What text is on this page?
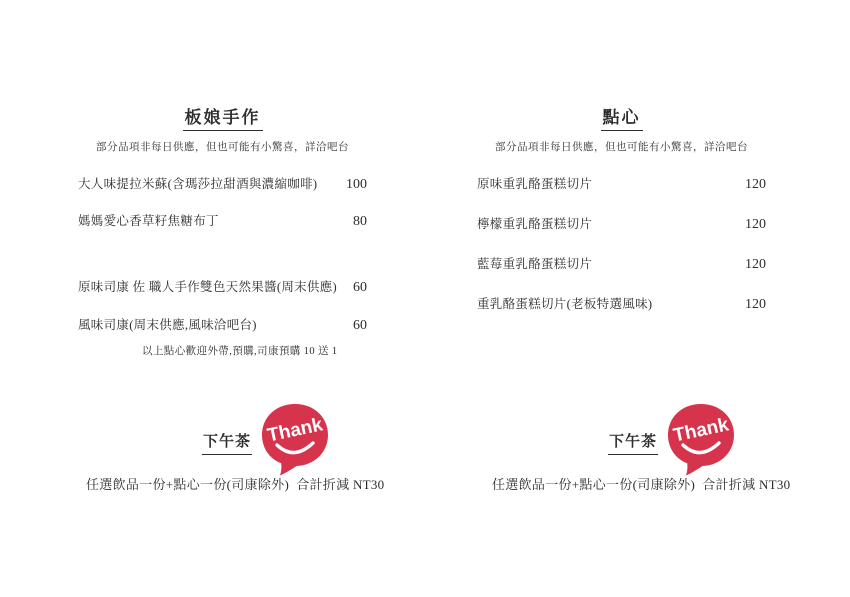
板娘手作

部分品項非每日供應，但也可能有小驚喜，詳洽吧台

大人味提拉米蘇(含瑪莎拉甜酒與濃縮咖啡) 100
媽媽愛心香草籽焦糖布丁	80
原味司康 佐 職人手作雙色天然果醬(周末供應) 60
風味司康(周末供應,風味洽吧台)	60

以上點心歡迎外帶,預購,司康預購 10 送 1

點心

部分品項非每日供應，但也可能有小驚喜，詳洽吧台

原味重乳酪蛋糕切片	120
檸檬重乳酪蛋糕切片	120
藍莓重乳酪蛋糕切片	120
重乳酪蛋糕切片(老板特選風味)	120
下午茶 Thank

任選飲品一份+點心一份(司康除外)  合計折減 NT30

下午茶 Thank

任選飲品一份+點心一份(司康除外)  合計折減 NT30
